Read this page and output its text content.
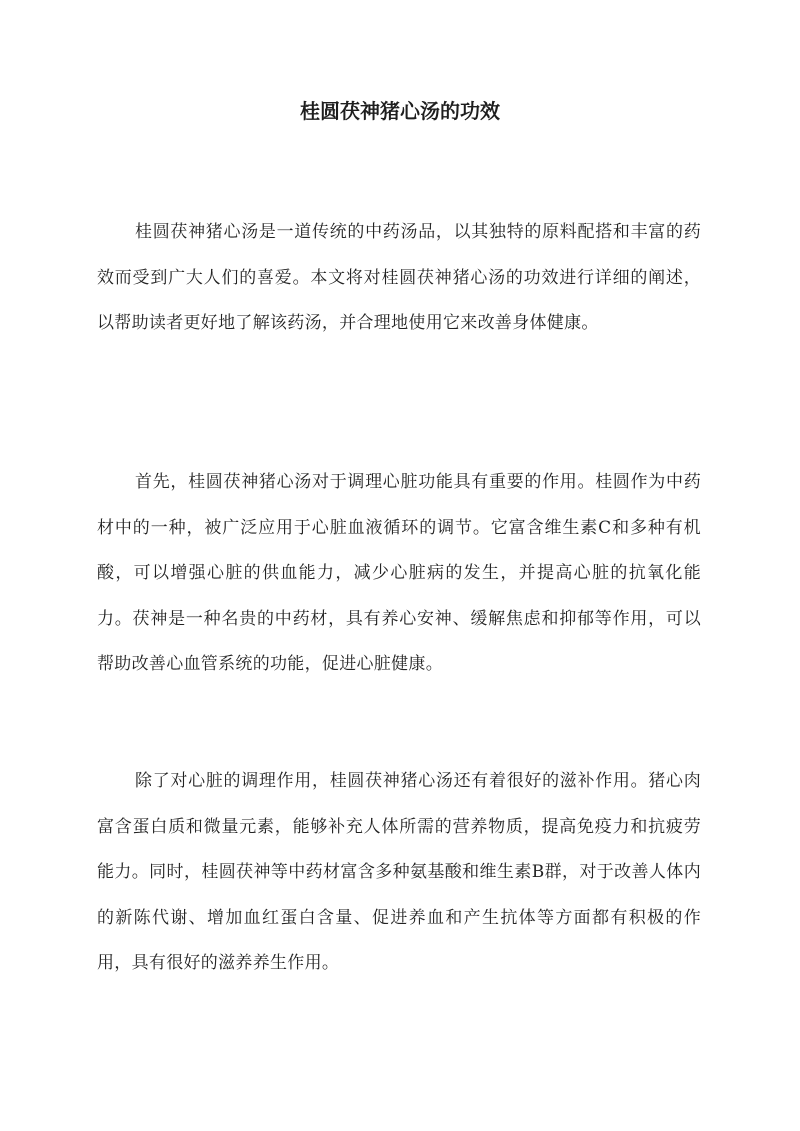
桂圆茯神猪心汤的功效

桂圆茯神猪心汤是一道传统的中药汤品，以其独特的原料配搭和丰富的药效而受到广大人们的喜爱。本文将对桂圆茯神猪心汤的功效进行详细的阐述，以帮助读者更好地了解该药汤，并合理地使用它来改善身体健康。

首先，桂圆茯神猪心汤对于调理心脏功能具有重要的作用。桂圆作为中药材中的一种，被广泛应用于心脏血液循环的调节。它富含维生素C和多种有机酸，可以增强心脏的供血能力，减少心脏病的发生，并提高心脏的抗氧化能力。茯神是一种名贵的中药材，具有养心安神、缓解焦虑和抑郁等作用，可以帮助改善心血管系统的功能，促进心脏健康。

除了对心脏的调理作用，桂圆茯神猪心汤还有着很好的滋补作用。猪心肉富含蛋白质和微量元素，能够补充人体所需的营养物质，提高免疫力和抗疲劳能力。同时，桂圆茯神等中药材富含多种氨基酸和维生素B群，对于改善人体内的新陈代谢、增加血红蛋白含量、促进养血和产生抗体等方面都有积极的作用，具有很好的滋养养生作用。
